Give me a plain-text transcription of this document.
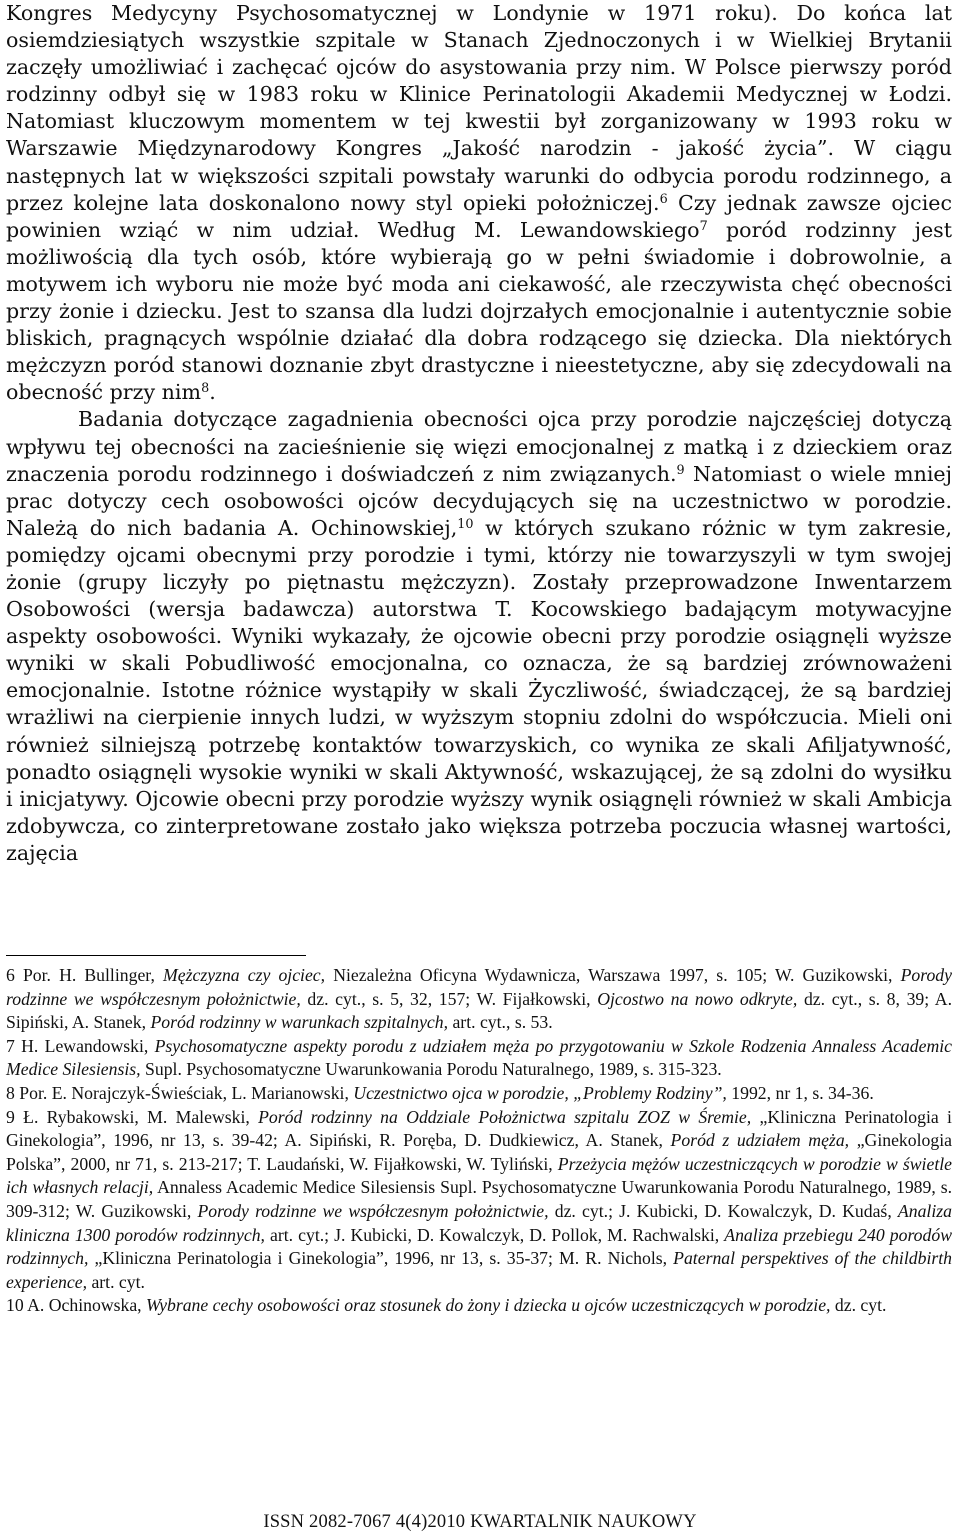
Kongres Medycyny Psychosomatycznej w Londynie w 1971 roku). Do końca lat osiemdziesiątych wszystkie szpitale w Stanach Zjednoczonych i w Wielkiej Brytanii zaczęły umożliwiać i zachęcać ojców do asystowania przy nim. W Polsce pierwszy poród rodzinny odbył się w 1983 roku w Klinice Perinatologii Akademii Medycznej w Łodzi. Natomiast kluczowym momentem w tej kwestii był zorganizowany w 1993 roku w Warszawie Międzynarodowy Kongres „Jakość narodzin - jakość życia”. W ciągu następnych lat w większości szpitali powstały warunki do odbycia porodu rodzinnego, a przez kolejne lata doskonalono nowy styl opieki położniczej.$^6$ Czy jednak zawsze ojciec powinien wziąć w nim udział. Według M. Lewandowskiego$^7$ poród rodzinny jest możliwością dla tych osób, które wybierają go w pełni świadomie i dobrowolnie, a motywem ich wyboru nie może być moda ani ciekawość, ale rzeczywista chęć obecności przy żonie i dziecku. Jest to szansa dla ludzi dojrzałych emocjonalnie i autentycznie sobie bliskich, pragnących wspólnie działać dla dobra rodzącego się dziecka. Dla niektórych mężczyzn poród stanowi doznanie zbyt drastyczne i nieestetyczne, aby się zdecydowali na obecność przy nim$^8$.

Badania dotyczące zagadnienia obecności ojca przy porodzie najczęściej dotyczą wpływu tej obecności na zacieśnienie się więzi emocjonalnej z matką i z dzieckiem oraz znaczenia porodu rodzinnego i doświadczeń z nim związanych.$^9$ Natomiast o wiele mniej prac dotyczy cech osobowości ojców decydujących się na uczestnictwo w porodzie. Należą do nich badania A. Ochinowskiej,$^{10}$ w których szukano różnic w tym zakresie, pomiędzy ojcami obecnymi przy porodzie i tymi, którzy nie towarzyszyli w tym swojej żonie (grupy liczyły po piętnastu mężczyzn). Zostały przeprowadzone Inwentarzem Osobowości (wersja badawcza) autorstwa T. Kocowskiego badającym motywacyjne aspekty osobowości. Wyniki wykazały, że ojcowie obecni przy porodzie osiągnęli wyższe wyniki w skali Pobudliwość emocjonalna, co oznacza, że są bardziej zrównoważeni emocjonalnie. Istotne różnice wystąpiły w skali Życzliwość, świadczącej, że są bardziej wrażliwi na cierpienie innych ludzi, w wyższym stopniu zdolni do współczucia. Mieli oni również silniejszą potrzebę kontaktów towarzyskich, co wynika ze skali Afiljatywność, ponadto osiągnęli wysokie wyniki w skali Aktywność, wskazującej, że są zdolni do wysiłku i inicjatywy. Ojcowie obecni przy porodzie wyższy wynik osiągnęli również w skali Ambicja zdobywcza, co zinterpretowane zostało jako większa potrzeba poczucia własnej wartości, zajęcia

6 Por. H. Bullinger, Mężczyzna czy ojciec, Niezależna Oficyna Wydawnicza, Warszawa 1997, s. 105; W. Guzikowski, Porody rodzinne we współczesnym położnictwie, dz. cyt., s. 5, 32, 157; W. Fijałkowski, Ojcostwo na nowo odkryte, dz. cyt., s. 8, 39; A. Sipiński, A. Stanek, Poród rodzinny w warunkach szpitalnych, art. cyt., s. 53.

7 H. Lewandowski, Psychosomatyczne aspekty porodu z udziałem męża po przygotowaniu w Szkole Rodzenia Annaless Academic Medice Silesiensis, Supl. Psychosomatyczne Uwarunkowania Porodu Naturalnego, 1989, s. 315-323.

8 Por. E. Norajczyk-Świeściak, L. Marianowski, Uczestnictwo ojca w porodzie, „Problemy Rodziny”, 1992, nr 1, s. 34-36.

9 Ł. Rybakowski, M. Malewski, Poród rodzinny na Oddziale Położnictwa szpitalu ZOZ w Śremie, „Kliniczna Perinatologia i Ginekologia”, 1996, nr 13, s. 39-42; A. Sipiński, R. Poręba, D. Dudkiewicz, A. Stanek, Poród z udziałem męża, „Ginekologia Polska”, 2000, nr 71, s. 213-217; T. Laudański, W. Fijałkowski, W. Tyliński, Przeżycia mężów uczestniczących w porodzie w świetle ich własnych relacji, Annaless Academic Medice Silesiensis Supl. Psychosomatyczne Uwarunkowania Porodu Naturalnego, 1989, s. 309-312; W. Guzikowski, Porody rodzinne we współczesnym położnictwie, dz. cyt.; J. Kubicki, D. Kowalczyk, D. Kudaś, Analiza kliniczna 1300 porodów rodzinnych, art. cyt.; J. Kubicki, D. Kowalczyk, D. Pollok, M. Rachwalski, Analiza przebiegu 240 porodów rodzinnych, „Kliniczna Perinatologia i Ginekologia”, 1996, nr 13, s. 35-37; M. R. Nichols, Paternal perspektives of the childbirth experience, art. cyt.

10 A. Ochinowska, Wybrane cechy osobowości oraz stosunek do żony i dziecka u ojców uczestniczących w porodzie, dz. cyt.

ISSN 2082-7067 4(4)2010 KWARTALNIK NAUKOWY
